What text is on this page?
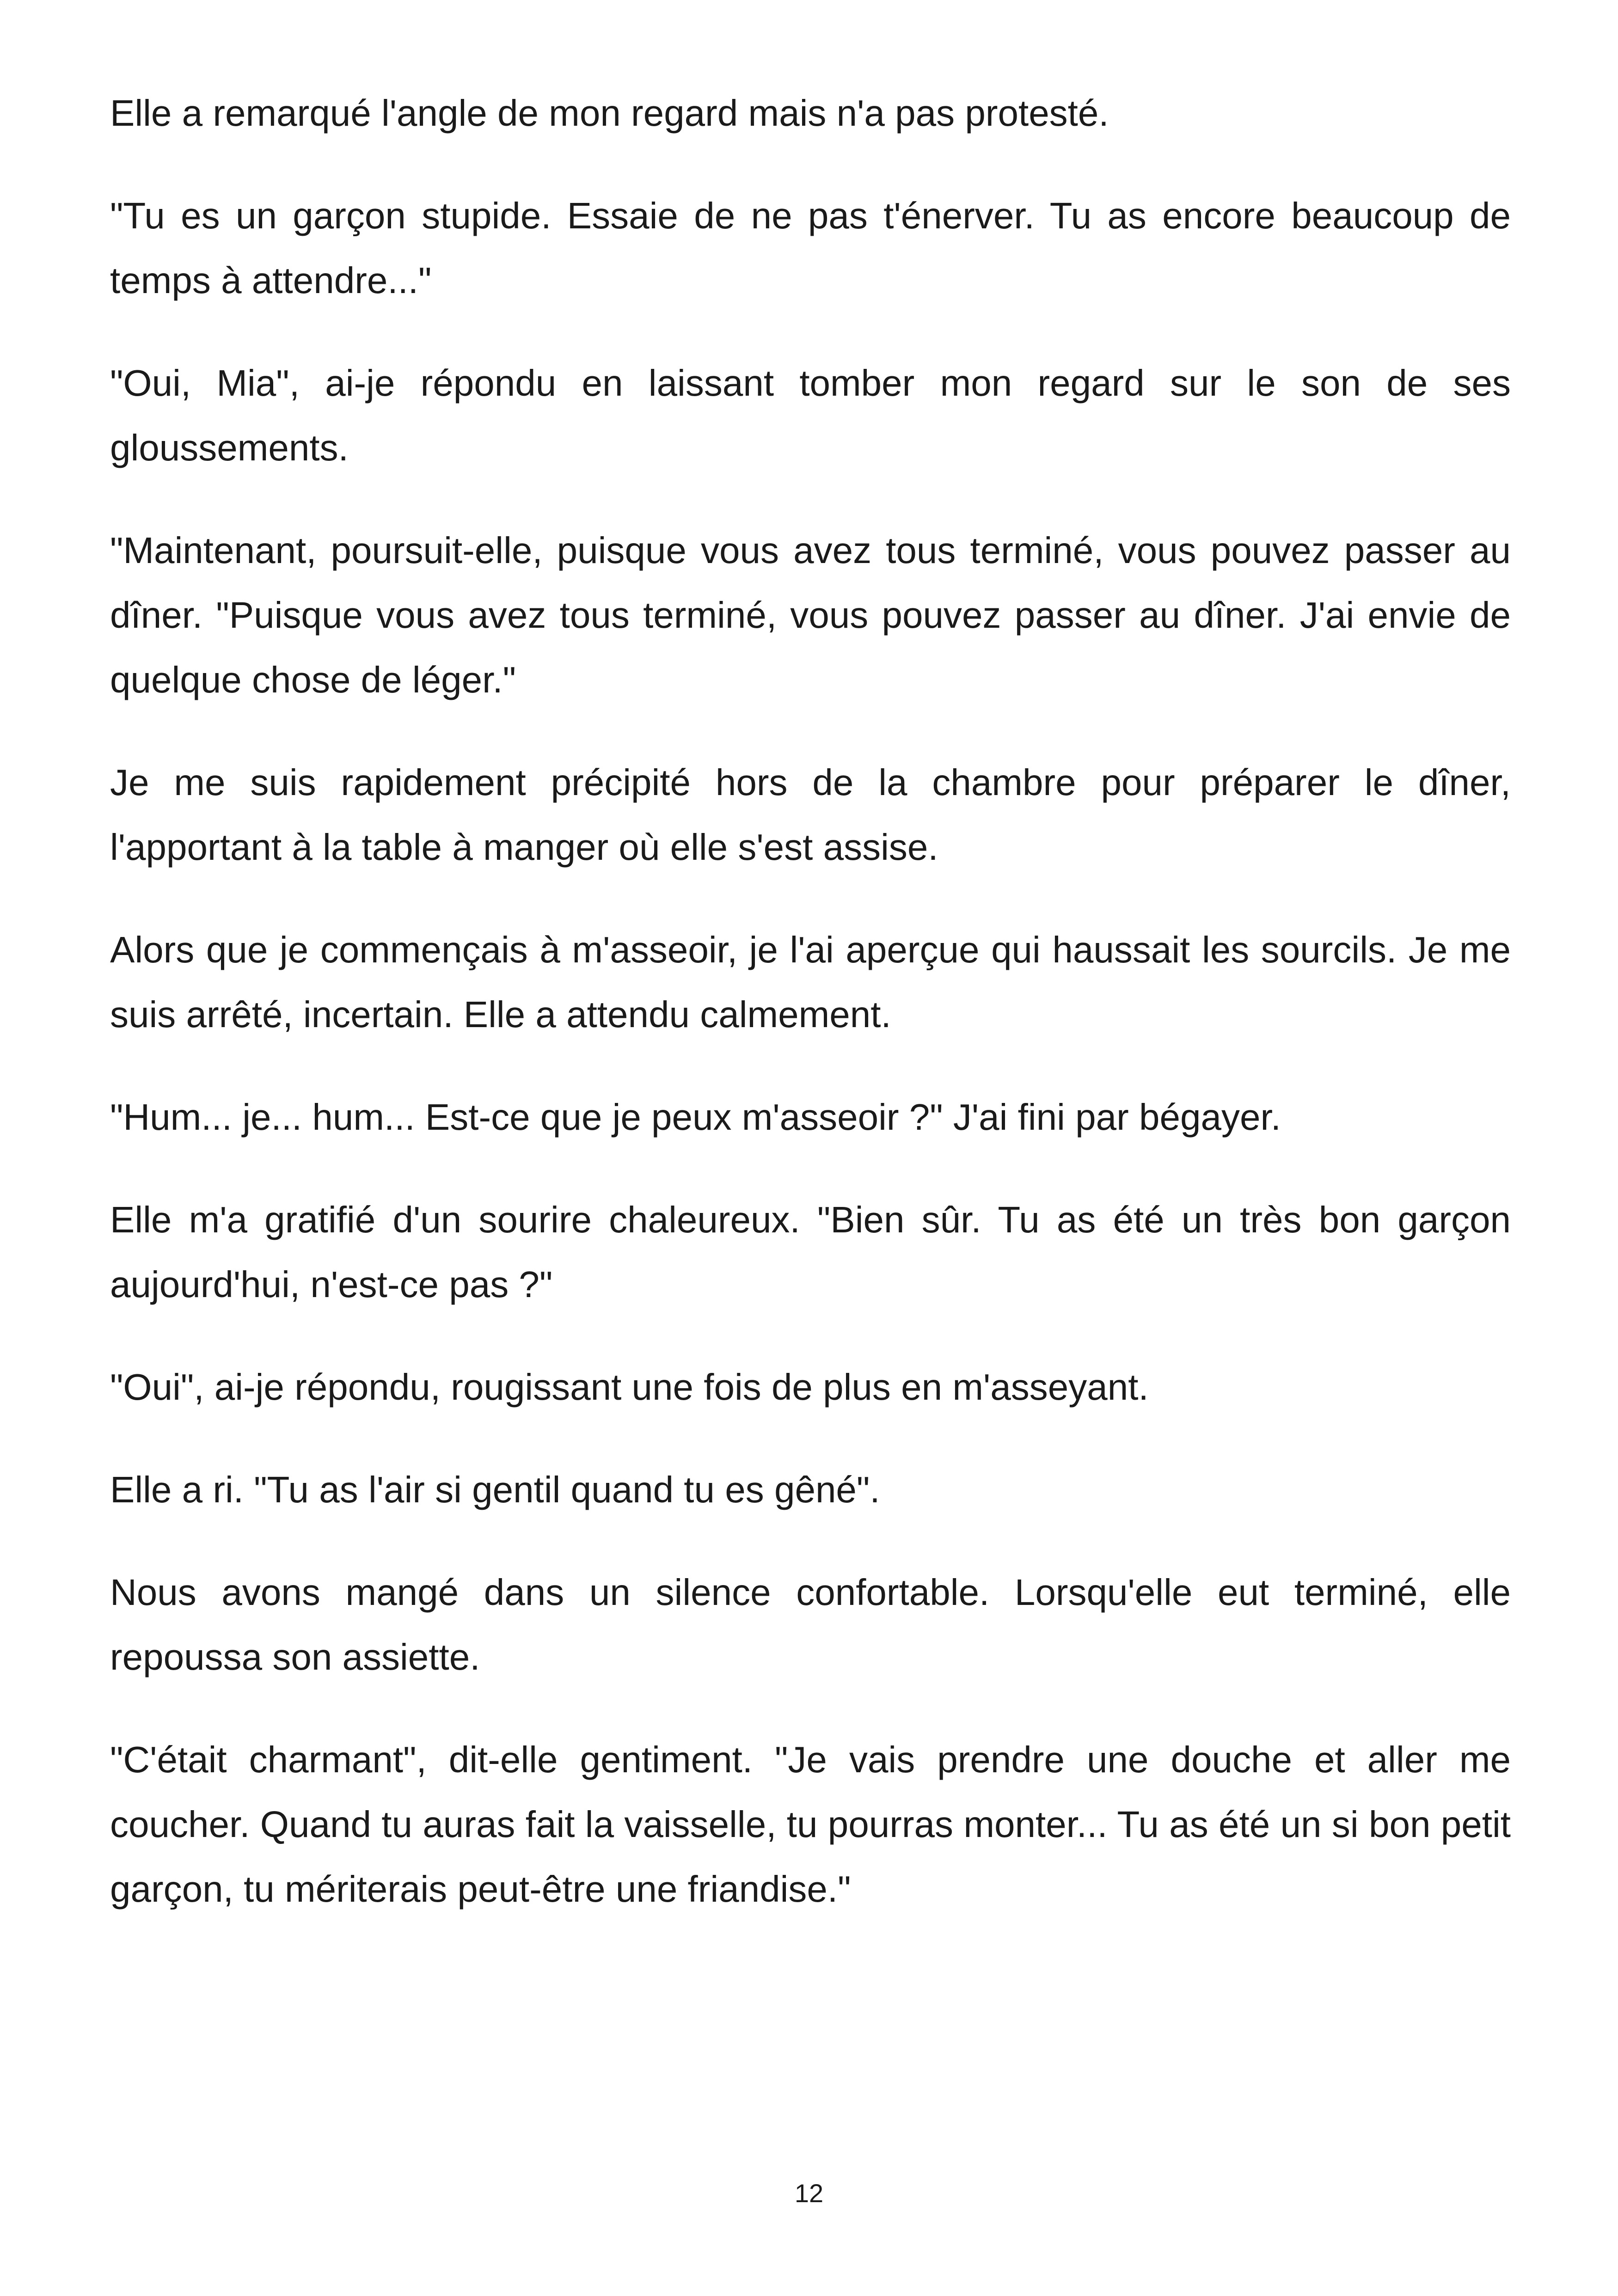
Elle a remarqué l'angle de mon regard mais n'a pas protesté.

"Tu es un garçon stupide. Essaie de ne pas t'énerver. Tu as encore beaucoup de temps à attendre..."

"Oui, Mia", ai-je répondu en laissant tomber mon regard sur le son de ses gloussements.

"Maintenant, poursuit-elle, puisque vous avez tous terminé, vous pouvez passer au dîner. "Puisque vous avez tous terminé, vous pouvez passer au dîner. J'ai envie de quelque chose de léger."

Je me suis rapidement précipité hors de la chambre pour préparer le dîner, l'apportant à la table à manger où elle s'est assise.

Alors que je commençais à m'asseoir, je l'ai aperçue qui haussait les sourcils. Je me suis arrêté, incertain. Elle a attendu calmement.

"Hum... je... hum... Est-ce que je peux m'asseoir ?" J'ai fini par bégayer.

Elle m'a gratifié d'un sourire chaleureux. "Bien sûr. Tu as été un très bon garçon aujourd'hui, n'est-ce pas ?"

"Oui", ai-je répondu, rougissant une fois de plus en m'asseyant.

Elle a ri. "Tu as l'air si gentil quand tu es gêné".

Nous avons mangé dans un silence confortable. Lorsqu'elle eut terminé, elle repoussa son assiette.

"C'était charmant", dit-elle gentiment. "Je vais prendre une douche et aller me coucher. Quand tu auras fait la vaisselle, tu pourras monter... Tu as été un si bon petit garçon, tu mériterais peut-être une friandise."

12
